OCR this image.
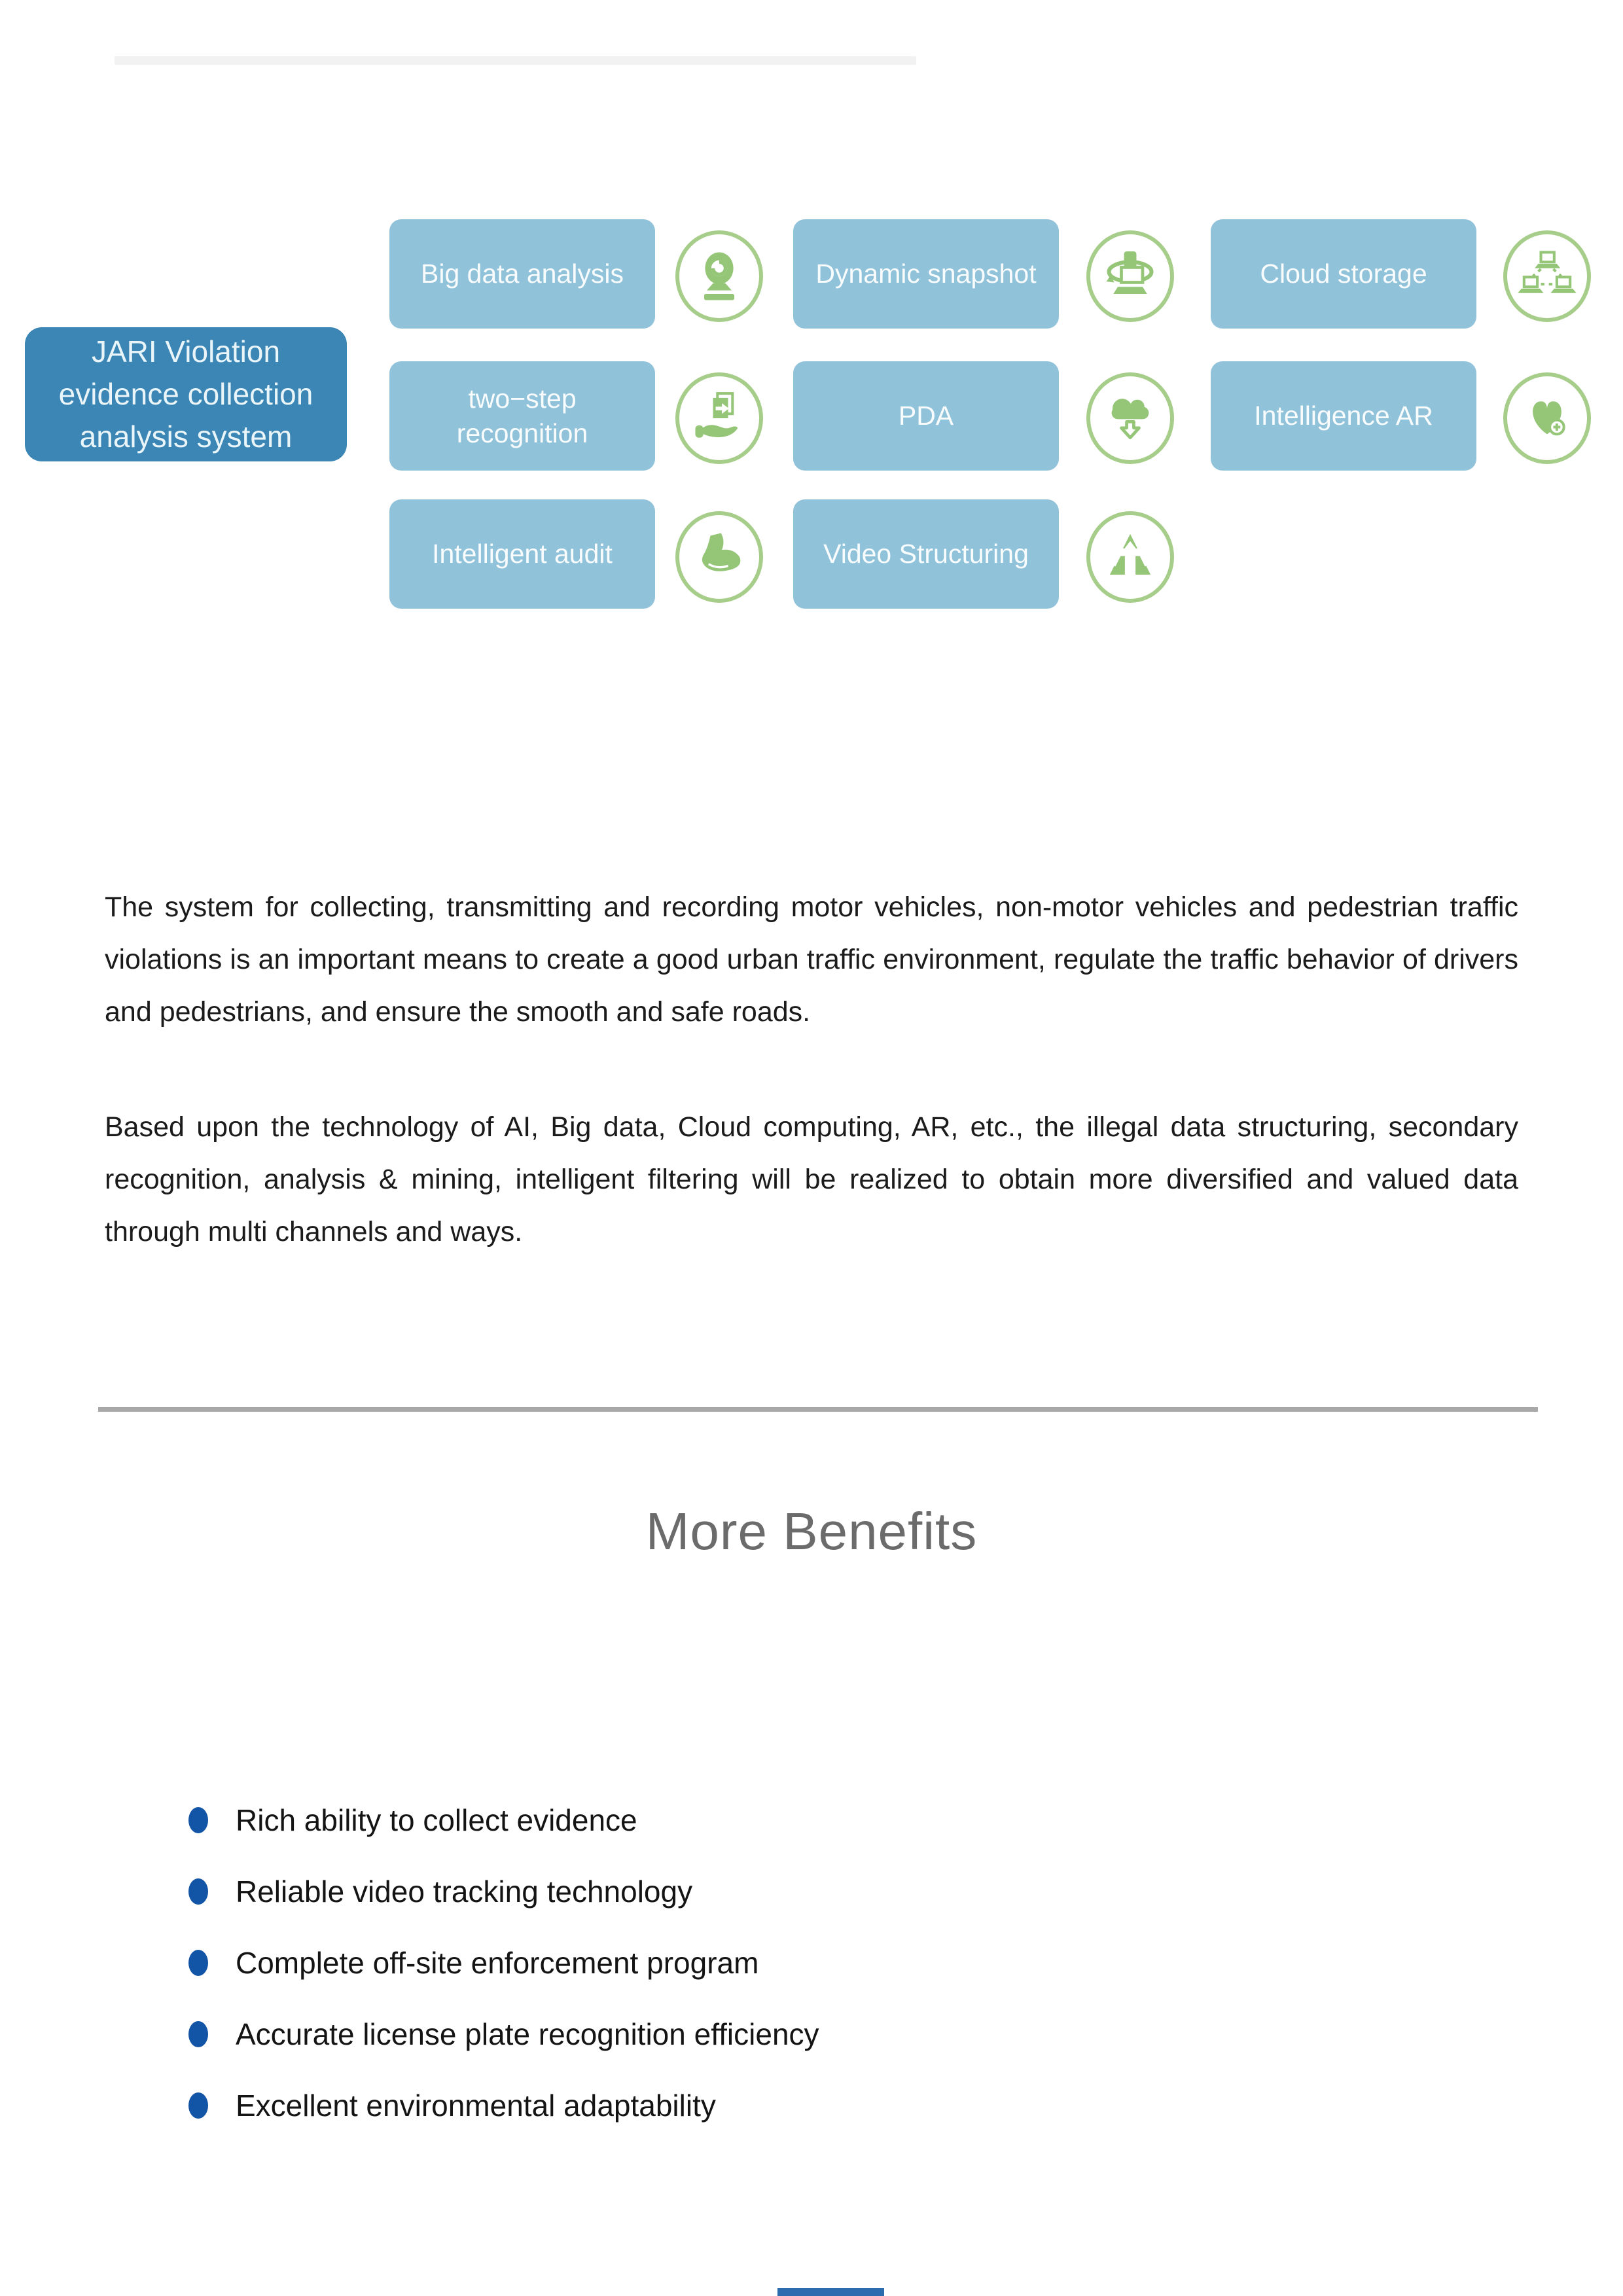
JARI Violation evidence collection analysis system
Big data analysis	Dynamic snapshot	Cloud storage
two−step recognition
PDA	Intelligence AR
Intelligent audit	Video Structuring
The system for collecting, transmitting and recording motor vehicles, non-motor vehicles and pedestrian traffic violations is an important means to create a good urban traffic environment, regulate the traffic behavior of drivers and pedestrians, and ensure the smooth and safe roads.
Based upon the technology of AI, Big data, Cloud computing, AR, etc., the illegal data structuring, secondary recognition, analysis & mining, intelligent filtering will be realized to obtain more diversified and valued data through multi channels and ways.
More Benefits
Rich ability to collect evidence
Reliable video tracking technology
Complete off-site enforcement program
Accurate license plate recognition efficiency
Excellent environmental adaptability
